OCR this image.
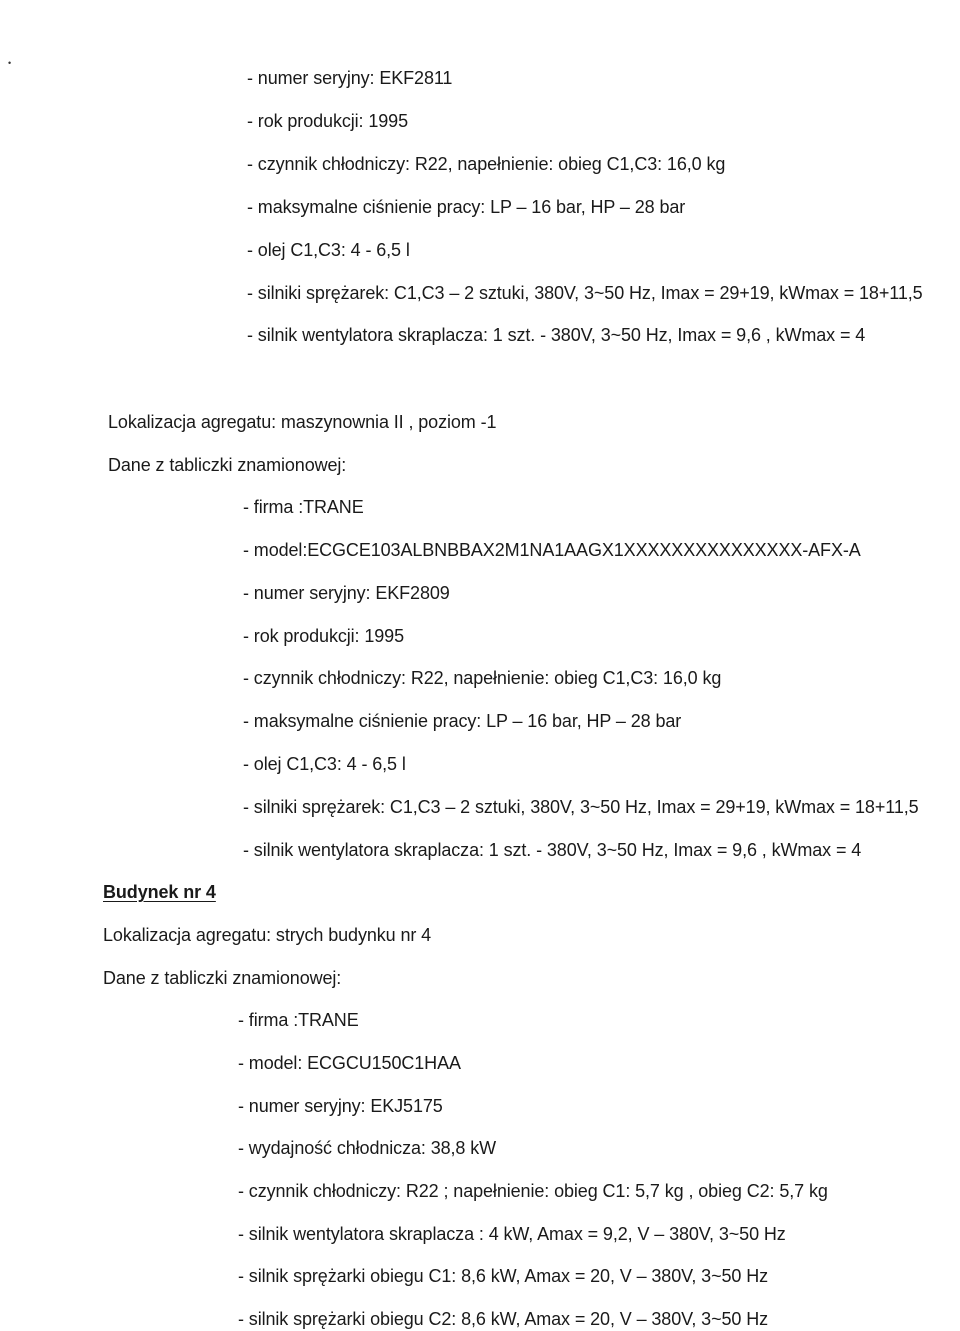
•
- numer seryjny: EKF2811
- rok produkcji: 1995
- czynnik chłodniczy: R22, napełnienie: obieg C1,C3: 16,0 kg
- maksymalne ciśnienie pracy: LP – 16 bar, HP – 28 bar
- olej C1,C3: 4 - 6,5 l
- silniki sprężarek: C1,C3 – 2 sztuki, 380V, 3~50 Hz, Imax = 29+19, kWmax = 18+11,5
- silnik wentylatora skraplacza: 1 szt. - 380V, 3~50 Hz, Imax = 9,6 , kWmax = 4
Lokalizacja agregatu: maszynownia II , poziom -1
Dane z tabliczki znamionowej:
- firma :TRANE
- model:ECGCE103ALBNBBAX2M1NA1AAGX1XXXXXXXXXXXXXXX-AFX-A
- numer seryjny: EKF2809
- rok produkcji: 1995
- czynnik chłodniczy: R22, napełnienie: obieg C1,C3: 16,0 kg
- maksymalne ciśnienie pracy: LP – 16 bar, HP – 28 bar
- olej C1,C3: 4 - 6,5 l
- silniki sprężarek: C1,C3 – 2 sztuki, 380V, 3~50 Hz, Imax = 29+19, kWmax = 18+11,5
- silnik wentylatora skraplacza: 1 szt. - 380V, 3~50 Hz, Imax = 9,6 , kWmax = 4
Budynek nr 4
Lokalizacja agregatu: strych budynku nr 4
Dane z tabliczki znamionowej:
- firma :TRANE
- model: ECGCU150C1HAA
- numer seryjny: EKJ5175
- wydajność chłodnicza: 38,8 kW
- czynnik chłodniczy: R22 ; napełnienie: obieg C1: 5,7 kg , obieg C2: 5,7 kg
- silnik wentylatora skraplacza : 4 kW, Amax = 9,2, V – 380V, 3~50 Hz
- silnik sprężarki obiegu C1: 8,6 kW, Amax = 20, V – 380V, 3~50 Hz
- silnik sprężarki obiegu C2: 8,6 kW, Amax = 20, V – 380V, 3~50 Hz
